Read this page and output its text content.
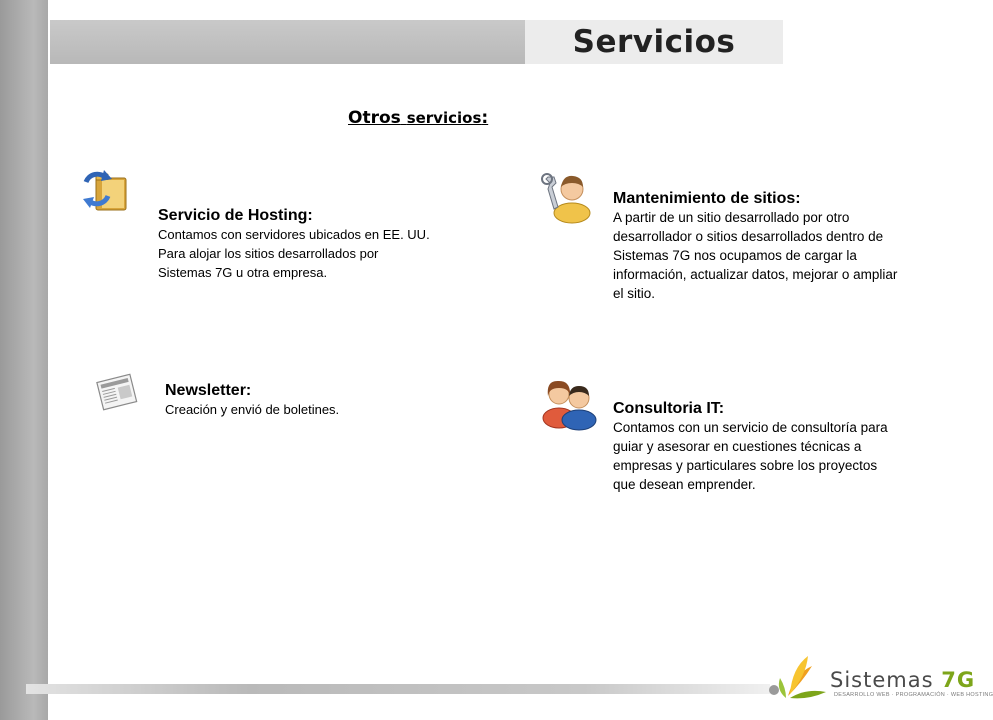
Servicios
Otros servicios:
Servicio de Hosting:
Contamos con servidores ubicados en EE. UU.
Para alojar los sitios desarrollados por
Sistemas 7G u otra empresa.
Mantenimiento de sitios:
A partir de un sitio desarrollado por otro
desarrollador o sitios desarrollados dentro de
Sistemas 7G nos ocupamos de cargar la
información, actualizar datos, mejorar o ampliar
el sitio.
Newsletter:
Creación y envió de boletines.	Consultoria IT:
Contamos con un servicio de consultoría para
guiar y asesorar en cuestiones técnicas a
empresas y particulares sobre los proyectos
que desean emprender.
Sistemas 7G
DESARROLLO WEB · PROGRAMACIÓN · WEB HOSTING
